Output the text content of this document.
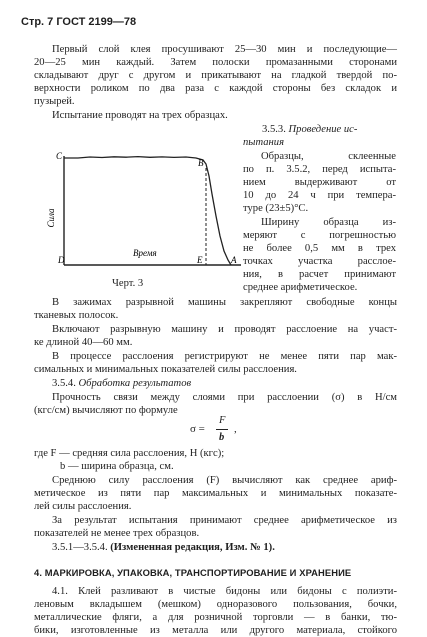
Стр. 7 ГОСТ 2199—78
Первый слой клея просушивают 25—30 мин и последующие—
20—25 мин каждый. Затем полоски промазанными сторонами
складывают друг с другом и прикатывают на гладкой твердой по-
верхности роликом по два раза с каждой стороны без складок и
пузырей.
Испытание проводят на трех образцах.
C
B
D	E	A
Время
Сила
Черт. 3
3.5.3. Проведение ис-
пытания
Образцы, склеенные
по п. 3.5.2, перед испыта-
нием выдерживают от
10 до 24 ч при темпера-
туре (23±5)°С.
Ширину образца из-
меряют с погрешностью
не более 0,5 мм в трех
точках участка расслое-
ния, в расчет принимают
среднее арифметическое.
В зажимах разрывной машины закрепляют свободные концы
тканевых полосок.
Включают разрывную машину и проводят расслоение на участ-
ке длиной 40—60 мм.
В процессе расслоения регистрируют не менее пяти пар мак-
симальных и минимальных показателей силы расслоения.
3.5.4. Обработка результатов
Прочность связи между слоями при расслоении (σ) в Н/см
(кгс/см) вычисляют по формуле
σ =
F
b
,
где F — средняя сила расслоения, Н (кгс);
b — ширина образца, см.
Среднюю силу расслоения (F) вычисляют как среднее ариф-
метическое из пяти пар максимальных и минимальных показате-
лей силы расслоения.
За результат испытания принимают среднее арифметическое из
показателей не менее трех образцов.
3.5.1—3.5.4. (Измененная редакция, Изм. № 1).
4. МАРКИРОВКА, УПАКОВКА, ТРАНСПОРТИРОВАНИЕ И ХРАНЕНИЕ
4.1. Клей разливают в чистые бидоны или бидоны с полиэти-
леновым вкладышем (мешком) одноразового пользования, бочки,
металлические фляги, а для розничной торговли — в банки, тю-
бики, изготовленные из металла или другого материала, стойкого
